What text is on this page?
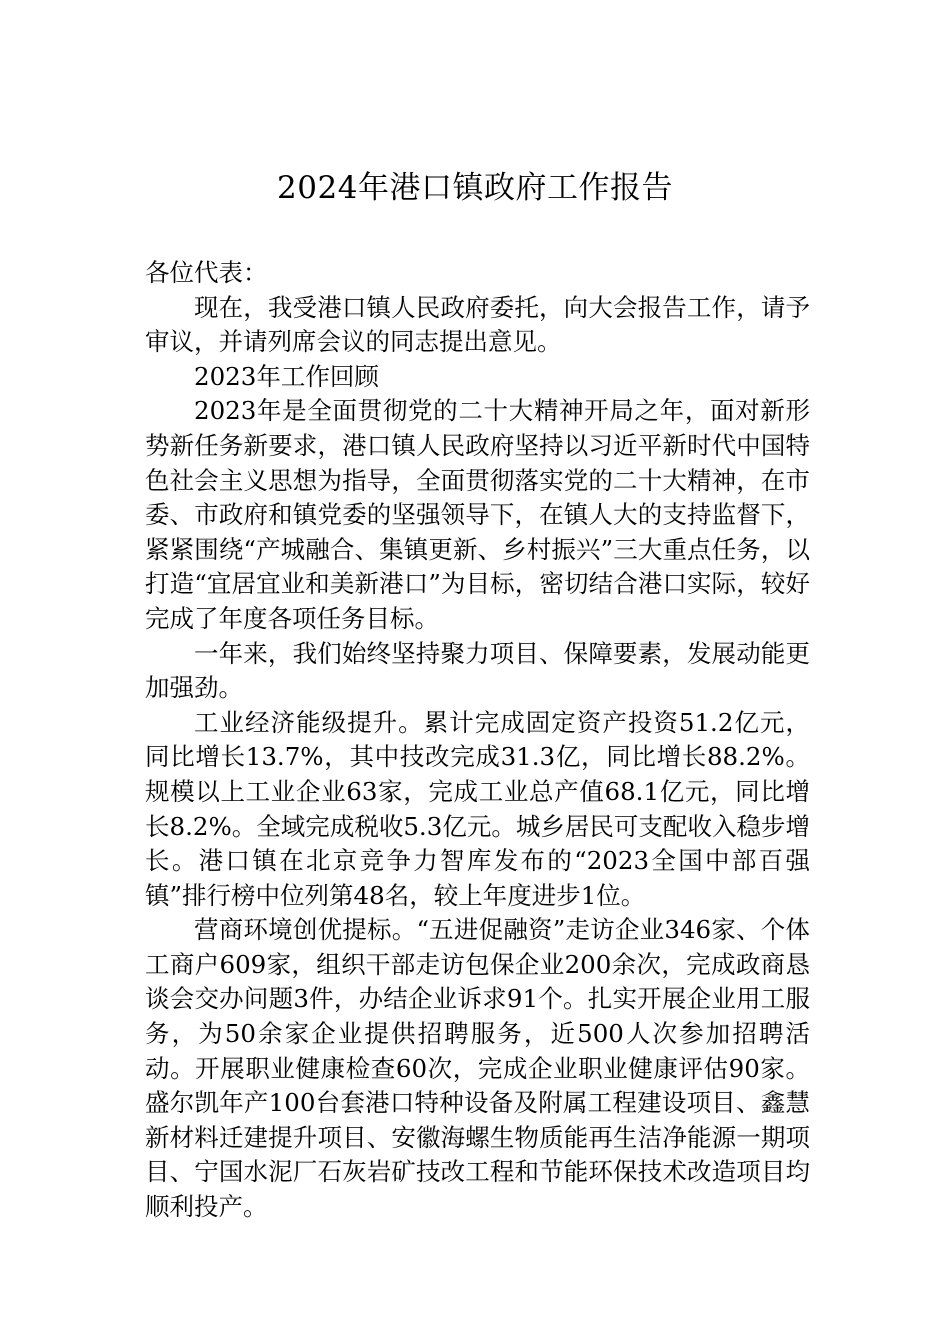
2024年港口镇政府工作报告

各位代表：

现在，我受港口镇人民政府委托，向大会报告工作，请予审议，并请列席会议的同志提出意见。

2023年工作回顾

2023年是全面贯彻党的二十大精神开局之年，面对新形势新任务新要求，港口镇人民政府坚持以习近平新时代中国特色社会主义思想为指导，全面贯彻落实党的二十大精神，在市委、市政府和镇党委的坚强领导下，在镇人大的支持监督下，紧紧围绕“产城融合、集镇更新、乡村振兴”三大重点任务，以打造“宜居宜业和美新港口”为目标，密切结合港口实际，较好完成了年度各项任务目标。

一年来，我们始终坚持聚力项目、保障要素，发展动能更加强劲。

工业经济能级提升。累计完成固定资产投资51.2亿元，同比增长13.7%，其中技改完成31.3亿，同比增长88.2%。规模以上工业企业63家，完成工业总产值68.1亿元，同比增长8.2%。全域完成税收5.3亿元。城乡居民可支配收入稳步增长。港口镇在北京竞争力智库发布的“2023全国中部百强镇”排行榜中位列第48名，较上年度进步1位。

营商环境创优提标。“五进促融资”走访企业346家、个体工商户609家，组织干部走访包保企业200余次，完成政商恳谈会交办问题3件，办结企业诉求91个。扎实开展企业用工服务，为50余家企业提供招聘服务，近500人次参加招聘活动。开展职业健康检查60次，完成企业职业健康评估90家。盛尔凯年产100台套港口特种设备及附属工程建设项目、鑫慧新材料迁建提升项目、安徽海螺生物质能再生洁净能源一期项目、宁国水泥厂石灰岩矿技改工程和节能环保技术改造项目均顺利投产。
